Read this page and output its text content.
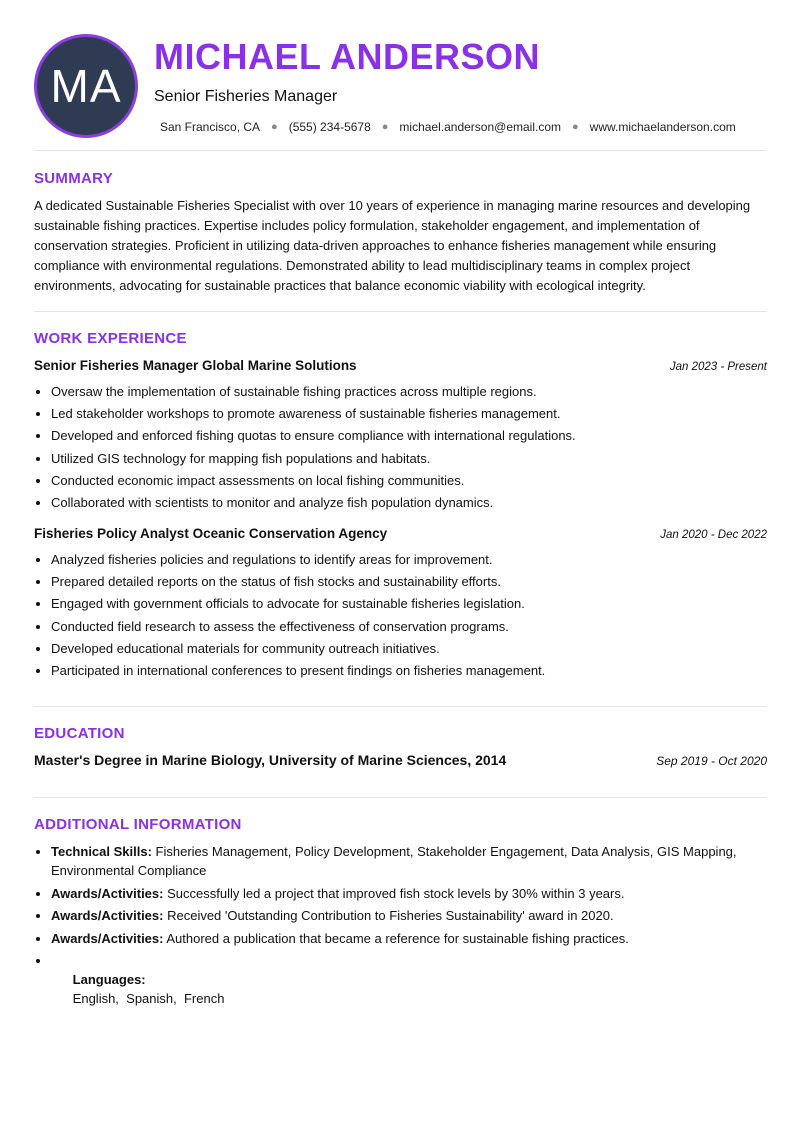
MA
MICHAEL ANDERSON
Senior Fisheries Manager
San Francisco, CA ● (555) 234-5678 ● michael.anderson@email.com ● www.michaelanderson.com
SUMMARY

A dedicated Sustainable Fisheries Specialist with over 10 years of experience in managing marine resources and developing sustainable fishing practices. Expertise includes policy formulation, stakeholder engagement, and implementation of conservation strategies. Proficient in utilizing data-driven approaches to enhance fisheries management while ensuring compliance with environmental regulations. Demonstrated ability to lead multidisciplinary teams in complex project environments, advocating for sustainable practices that balance economic viability with ecological integrity.

WORK EXPERIENCE
Senior Fisheries Manager Global Marine Solutions	Jan 2023 - Present
• Oversaw the implementation of sustainable fishing practices across multiple regions.
• Led stakeholder workshops to promote awareness of sustainable fisheries management.
• Developed and enforced fishing quotas to ensure compliance with international regulations.
• Utilized GIS technology for mapping fish populations and habitats.
• Conducted economic impact assessments on local fishing communities.
• Collaborated with scientists to monitor and analyze fish population dynamics.
Fisheries Policy Analyst Oceanic Conservation Agency	Jan 2020 - Dec 2022
• Analyzed fisheries policies and regulations to identify areas for improvement.
• Prepared detailed reports on the status of fish stocks and sustainability efforts.
• Engaged with government officials to advocate for sustainable fisheries legislation.
• Conducted field research to assess the effectiveness of conservation programs.
• Developed educational materials for community outreach initiatives.
• Participated in international conferences to present findings on fisheries management.
EDUCATION
Master's Degree in Marine Biology, University of Marine Sciences, 2014	Sep 2019 - Oct 2020
ADDITIONAL INFORMATION
• Technical Skills: Fisheries Management, Policy Development, Stakeholder Engagement, Data Analysis, GIS Mapping, Environmental Compliance
• Awards/Activities: Successfully led a project that improved fish stock levels by 30% within 3 years.
• Awards/Activities: Received 'Outstanding Contribution to Fisheries Sustainability' award in 2020.
• Awards/Activities: Authored a publication that became a reference for sustainable fishing practices.

• Languages:
English,  Spanish,  French
